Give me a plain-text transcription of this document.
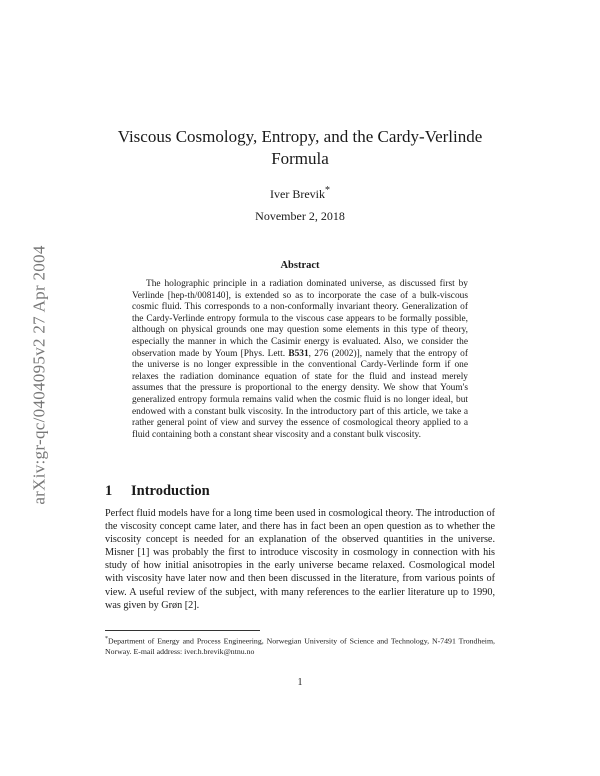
arXiv:gr-qc/0404095v2 27 Apr 2004
Viscous Cosmology, Entropy, and the Cardy-Verlinde Formula
Iver Brevik*
November 2, 2018
Abstract

The holographic principle in a radiation dominated universe, as discussed first by Verlinde [hep-th/008140], is extended so as to incorporate the case of a bulk-viscous cosmic fluid. This corresponds to a non-conformally invariant theory. Generalization of the Cardy-Verlinde entropy formula to the viscous case appears to be formally possible, although on physical grounds one may question some elements in this type of theory, especially the manner in which the Casimir energy is evaluated. Also, we consider the observation made by Youm [Phys. Lett. B531, 276 (2002)], namely that the entropy of the universe is no longer expressible in the conventional Cardy-Verlinde form if one relaxes the radiation dominance equation of state for the fluid and instead merely assumes that the pressure is proportional to the energy density. We show that Youm's generalized entropy formula remains valid when the cosmic fluid is no longer ideal, but endowed with a constant bulk viscosity. In the introductory part of this article, we take a rather general point of view and survey the essence of cosmological theory applied to a fluid containing both a constant shear viscosity and a constant bulk viscosity.

1 Introduction

Perfect fluid models have for a long time been used in cosmological theory. The introduction of the viscosity concept came later, and there has in fact been an open question as to whether the viscosity concept is needed for an explanation of the observed quantities in the universe. Misner [1] was probably the first to introduce viscosity in cosmology in connection with his study of how initial anisotropies in the early universe became relaxed. Cosmological model with viscosity have later now and then been discussed in the literature, from various points of view. A useful review of the subject, with many references to the earlier literature up to 1990, was given by Grøn [2].

*Department of Energy and Process Engineering, Norwegian University of Science and Technology, N-7491 Trondheim, Norway. E-mail address: iver.h.brevik@ntnu.no

1
